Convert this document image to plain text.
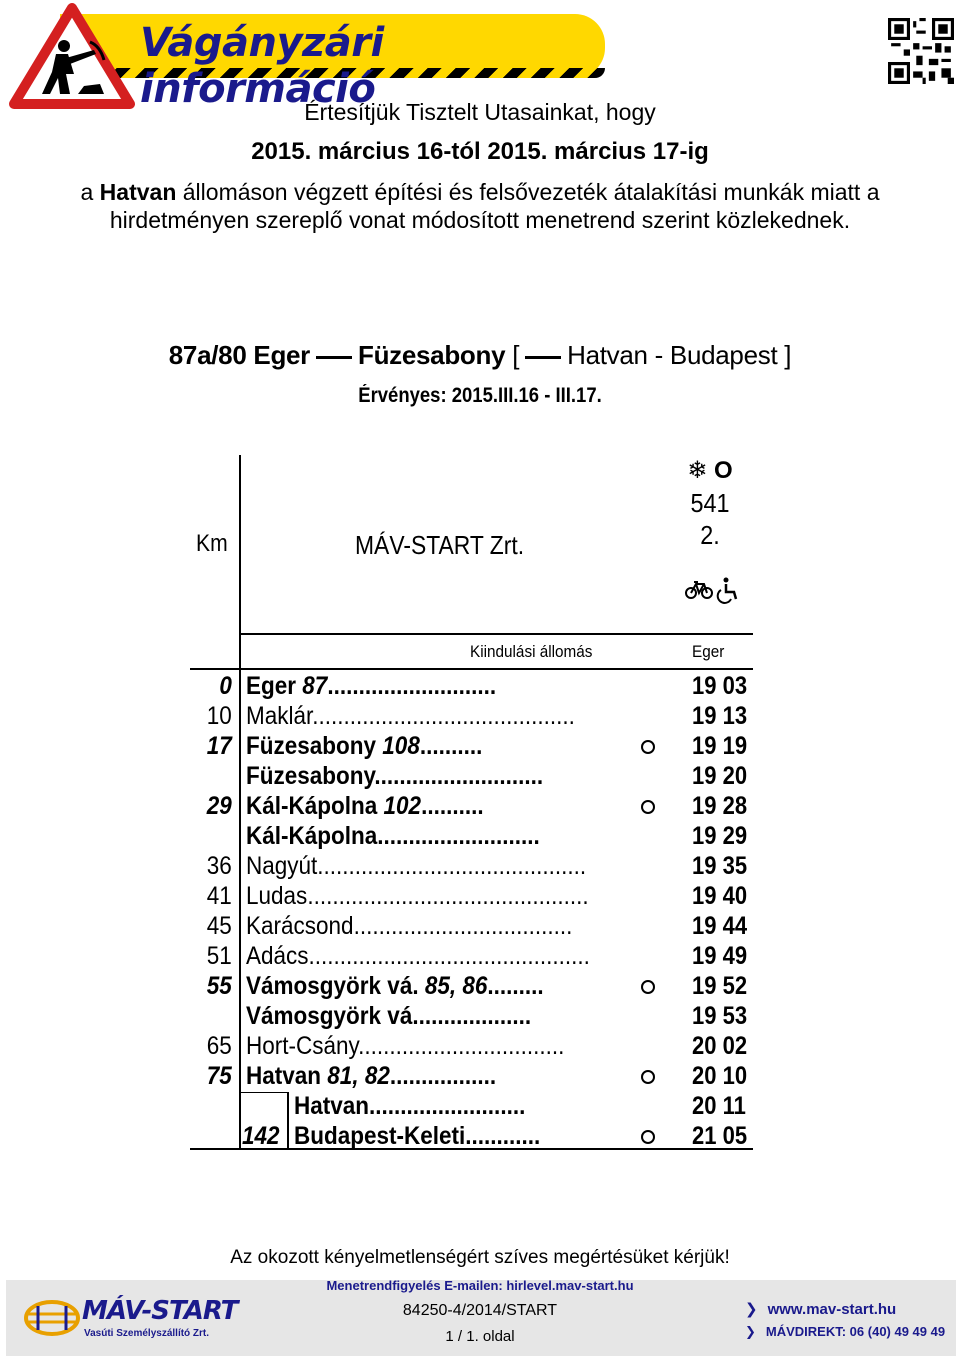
Vágányzári információ
Értesítjük Tisztelt Utasainkat, hogy
2015. március 16-tól 2015. március 17-ig
a Hatvan állomáson végzett építési és felsővezeték átalakítási munkák miatt a
hirdetményen szereplő vonat módosított menetrend szerint közlekednek.
87a/80 Eger Füzesabony [ Hatvan - Budapest ]
Érvényes: 2015.III.16 - III.17.
Km	MÁV-START Zrt.
❄ O
541
2.
Kiindulási állomás	Eger
0 Eger 87...........................	19 03
10 Maklár..........................................	19 13
17 Füzesabony 108..........	19 19
Füzesabony...........................	19 20
29 Kál-Kápolna 102..........	19 28
Kál-Kápolna..........................	19 29
36 Nagyút...........................................	19 35
41 Ludas.............................................	19 40
45 Karácsond...................................	19 44
51 Adács.............................................	19 49
55 Vámosgyörk vá. 85, 86.........	19 52
Vámosgyörk vá...................	19 53
65 Hort-Csány.................................	20 02
75 Hatvan 81, 82.................	20 10
Hatvan.........................	20 11
142 Budapest-Keleti............	21 05
Az okozott kényelmetlenségért szíves megértésüket kérjük!
Menetrendfigyelés E-mailen: hirlevel.mav-start.hu
84250-4/2014/START
1 / 1. oldal
MÁV-START
Vasúti Személyszállító Zrt.
❯ www.mav-start.hu
❯ MÁVDIREKT: 06 (40) 49 49 49
